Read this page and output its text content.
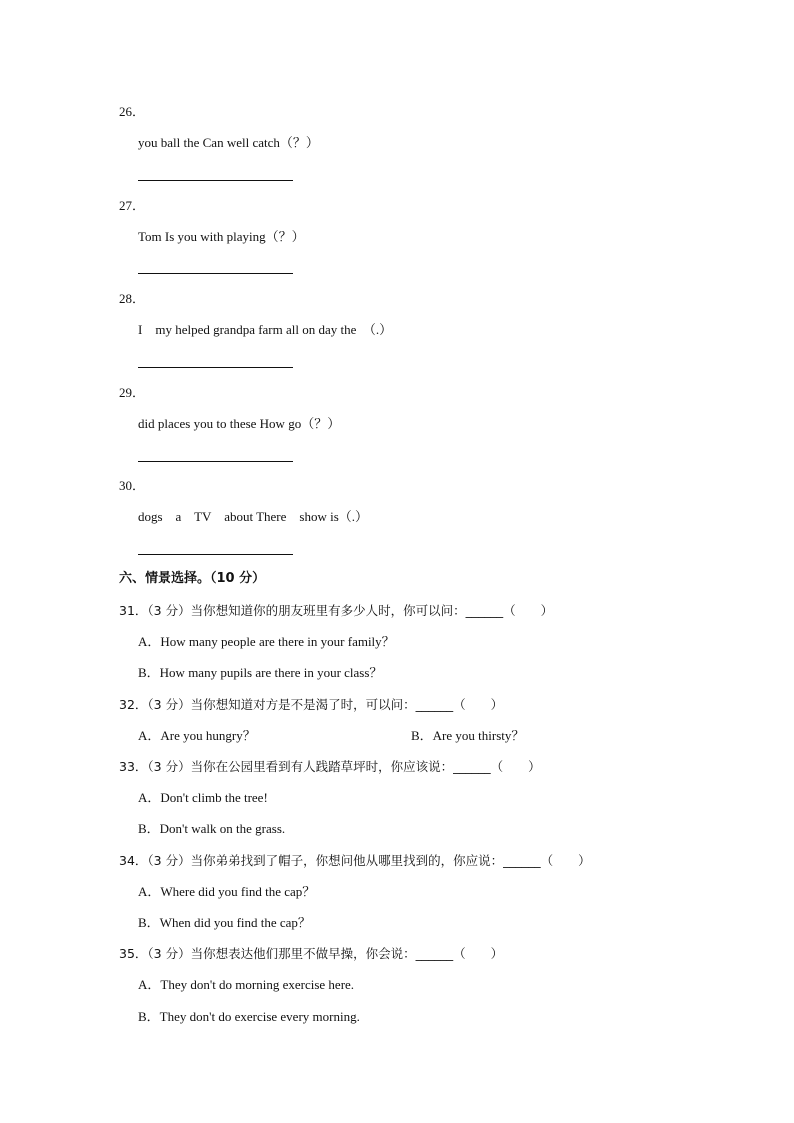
26．
you ball the Can well catch（？）
27．
Tom Is you with playing（？）
28．
I    my helped grandpa farm all on day the  （.）
29．
did places you to these How go（？）
30．
dogs    a    TV    about There    show is（.）
六、情景选择。（10 分）
31．（3 分）当你想知道你的朋友班里有多少人时，你可以问：______（　　）
A．How many people are there in your family？
B．How many pupils are there in your class？
32．（3 分）当你想知道对方是不是渴了时，可以问：______（　　）
A．Are you hungry？	B．Are you thirsty？
33．（3 分）当你在公园里看到有人践踏草坪时，你应该说：______（　　）
A．Don't climb the tree!
B．Don't walk on the grass.
34．（3 分）当你弟弟找到了帽子，你想问他从哪里找到的，你应说：______（　　）
A．Where did you find the cap？
B．When did you find the cap？
35．（3 分）当你想表达他们那里不做早操，你会说：______（　　）
A．They don't do morning exercise here.
B．They don't do exercise every morning.
